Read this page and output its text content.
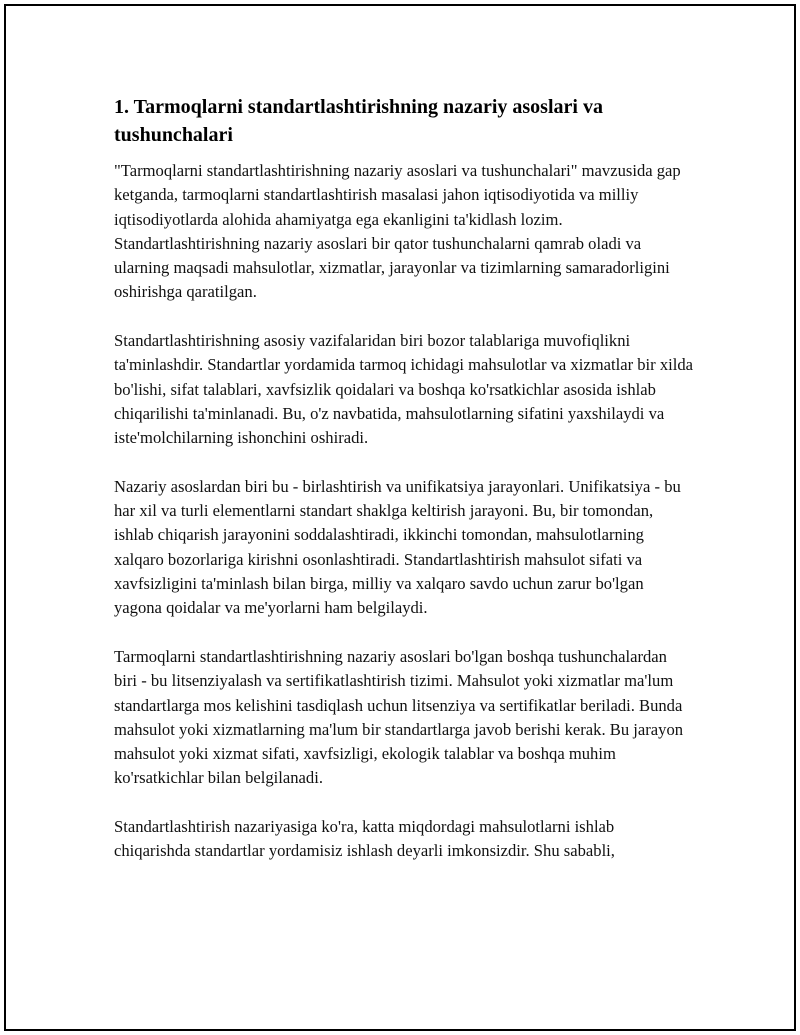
1. Tarmoqlarni standartlashtirishning nazariy asoslari va tushunchalari

"Tarmoqlarni standartlashtirishning nazariy asoslari va tushunchalari" mavzusida gap ketganda, tarmoqlarni standartlashtirish masalasi jahon iqtisodiyotida va milliy iqtisodiyotlarda alohida ahamiyatga ega ekanligini ta'kidlash lozim. Standartlashtirishning nazariy asoslari bir qator tushunchalarni qamrab oladi va ularning maqsadi mahsulotlar, xizmatlar, jarayonlar va tizimlarning samaradorligini oshirishga qaratilgan.

Standartlashtirishning asosiy vazifalaridan biri bozor talablariga muvofiqlikni ta'minlashdir. Standartlar yordamida tarmoq ichidagi mahsulotlar va xizmatlar bir xilda bo'lishi, sifat talablari, xavfsizlik qoidalari va boshqa ko'rsatkichlar asosida ishlab chiqarilishi ta'minlanadi. Bu, o'z navbatida, mahsulotlarning sifatini yaxshilaydi va iste'molchilarning ishonchini oshiradi.

Nazariy asoslardan biri bu - birlashtirish va unifikatsiya jarayonlari. Unifikatsiya - bu har xil va turli elementlarni standart shaklga keltirish jarayoni. Bu, bir tomondan, ishlab chiqarish jarayonini soddalashtiradi, ikkinchi tomondan, mahsulotlarning xalqaro bozorlariga kirishni osonlashtiradi. Standartlashtirish mahsulot sifati va xavfsizligini ta'minlash bilan birga, milliy va xalqaro savdo uchun zarur bo'lgan yagona qoidalar va me'yorlarni ham belgilaydi.

Tarmoqlarni standartlashtirishning nazariy asoslari bo'lgan boshqa tushunchalardan biri - bu litsenziyalash va sertifikatlashtirish tizimi. Mahsulot yoki xizmatlar ma'lum standartlarga mos kelishini tasdiqlash uchun litsenziya va sertifikatlar beriladi. Bunda mahsulot yoki xizmatlarning ma'lum bir standartlarga javob berishi kerak. Bu jarayon mahsulot yoki xizmat sifati, xavfsizligi, ekologik talablar va boshqa muhim ko'rsatkichlar bilan belgilanadi.

Standartlashtirish nazariyasiga ko'ra, katta miqdordagi mahsulotlarni ishlab chiqarishda standartlar yordamisiz ishlash deyarli imkonsizdir. Shu sababli,
